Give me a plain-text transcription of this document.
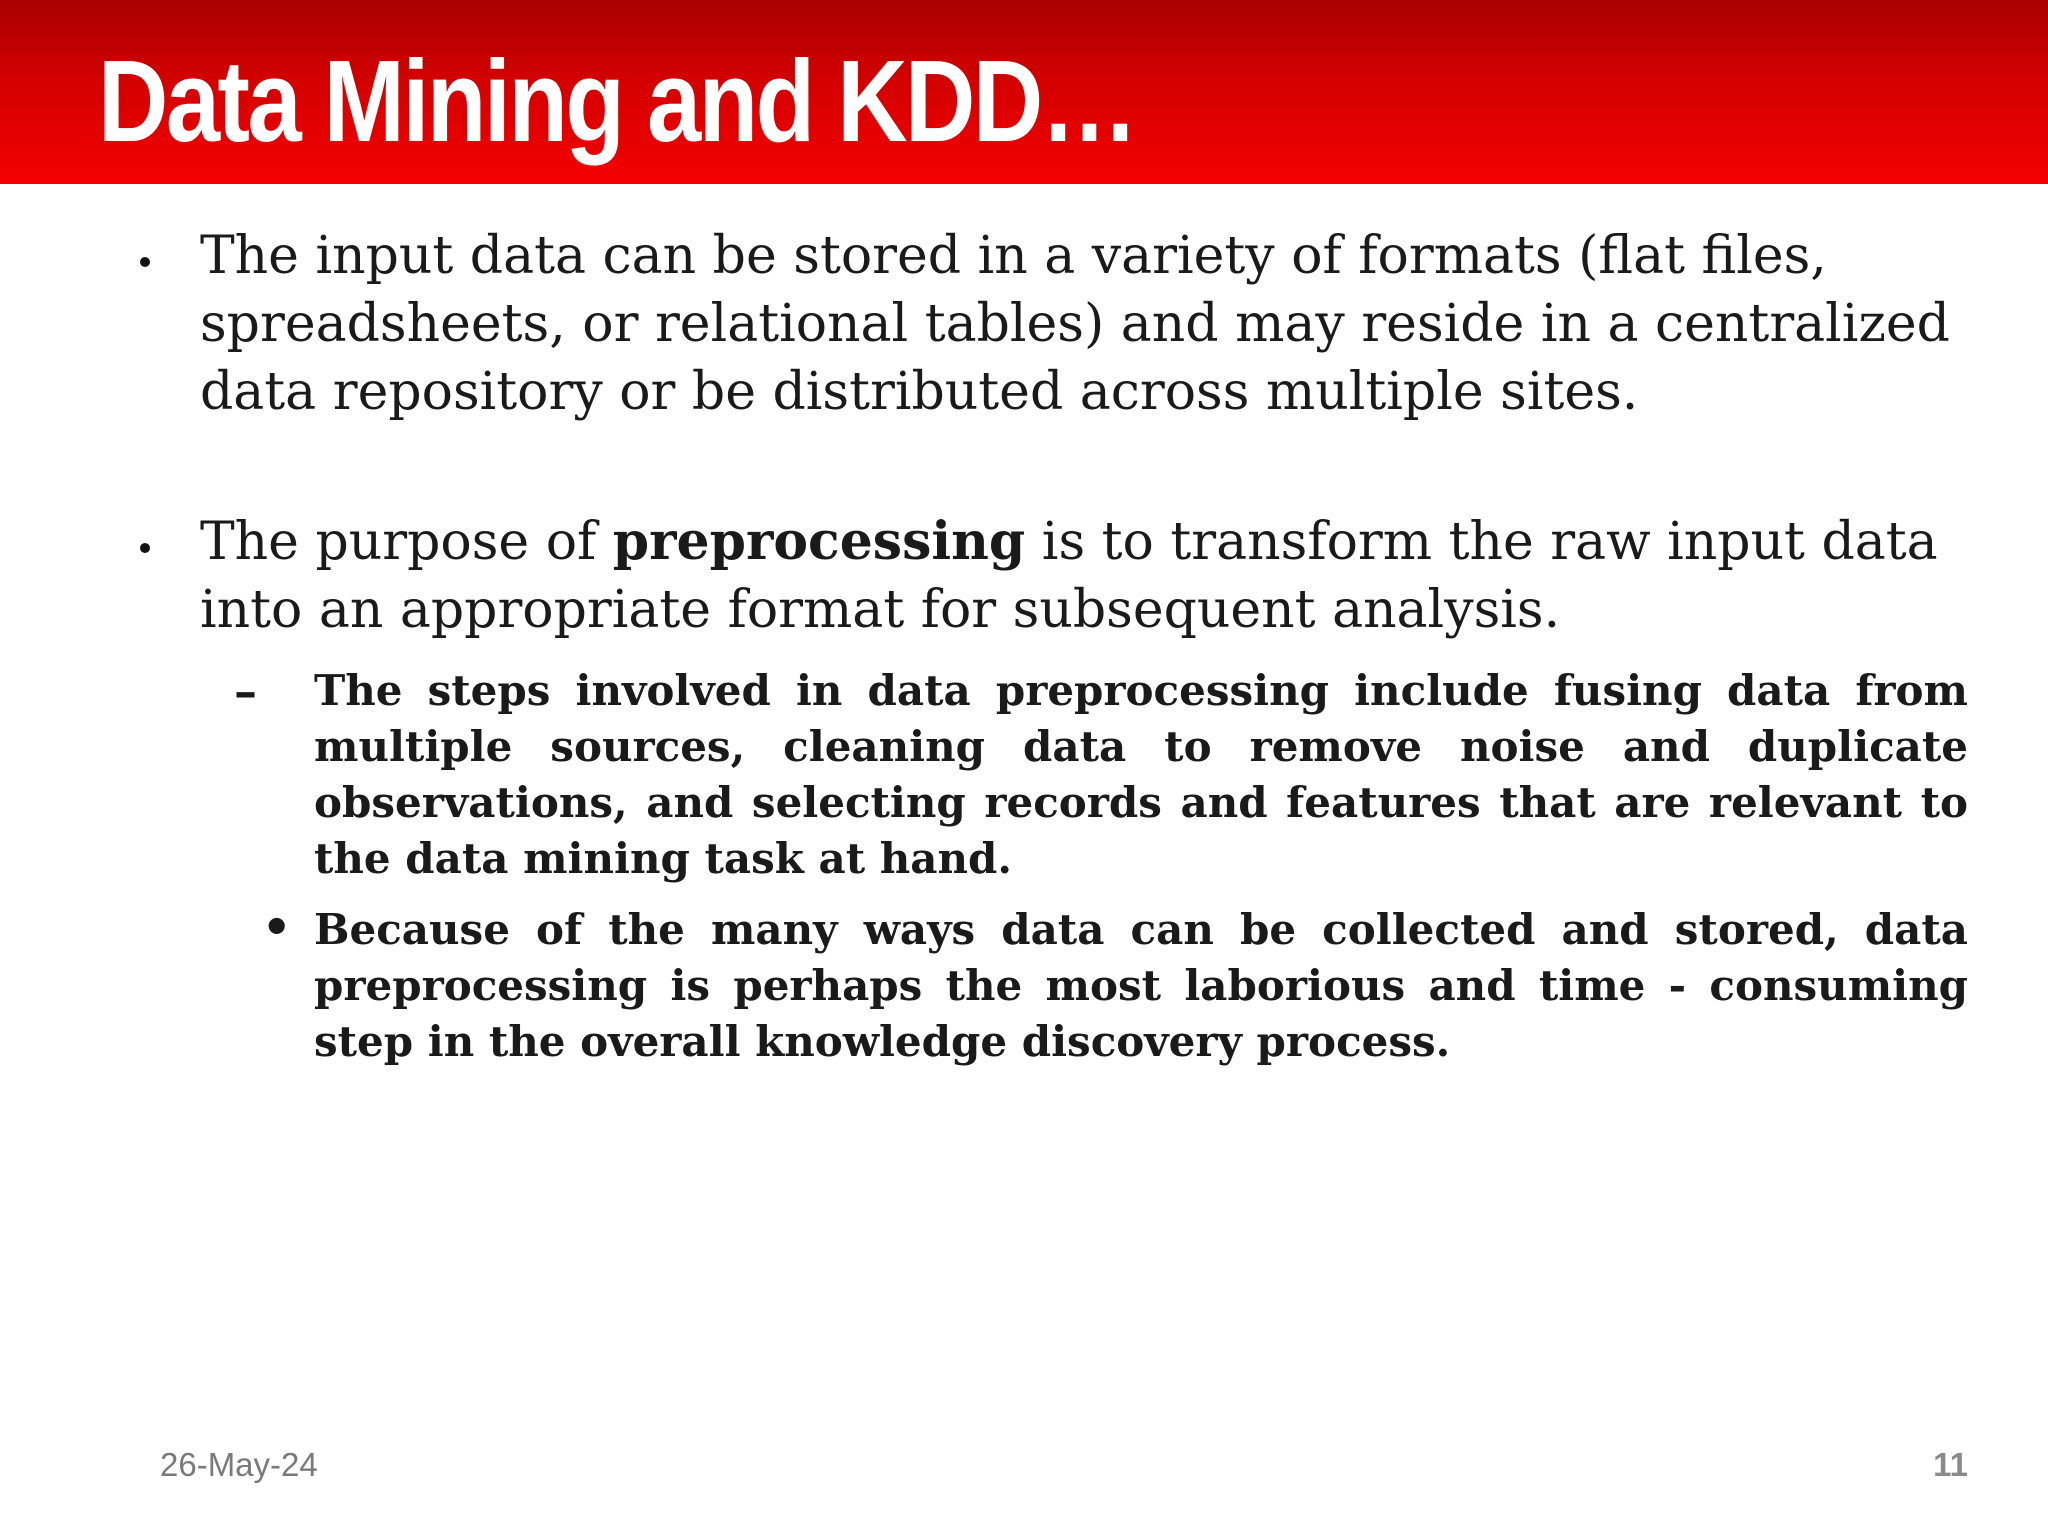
Data Mining and KDD…

The input data can be stored in a variety of formats (flat files, spreadsheets, or relational tables) and may reside in a centralized data repository or be distributed across multiple sites.

The purpose of preprocessing is to transform the raw input data into an appropriate format for subsequent analysis.

– The steps involved in data preprocessing include fusing data from multiple sources, cleaning data to remove noise and duplicate observations, and selecting records and features that are relevant to the data mining task at hand.

• Because of the many ways data can be collected and stored, data preprocessing is perhaps the most laborious and time - consuming step in the overall knowledge discovery process.

26-May-24	11
